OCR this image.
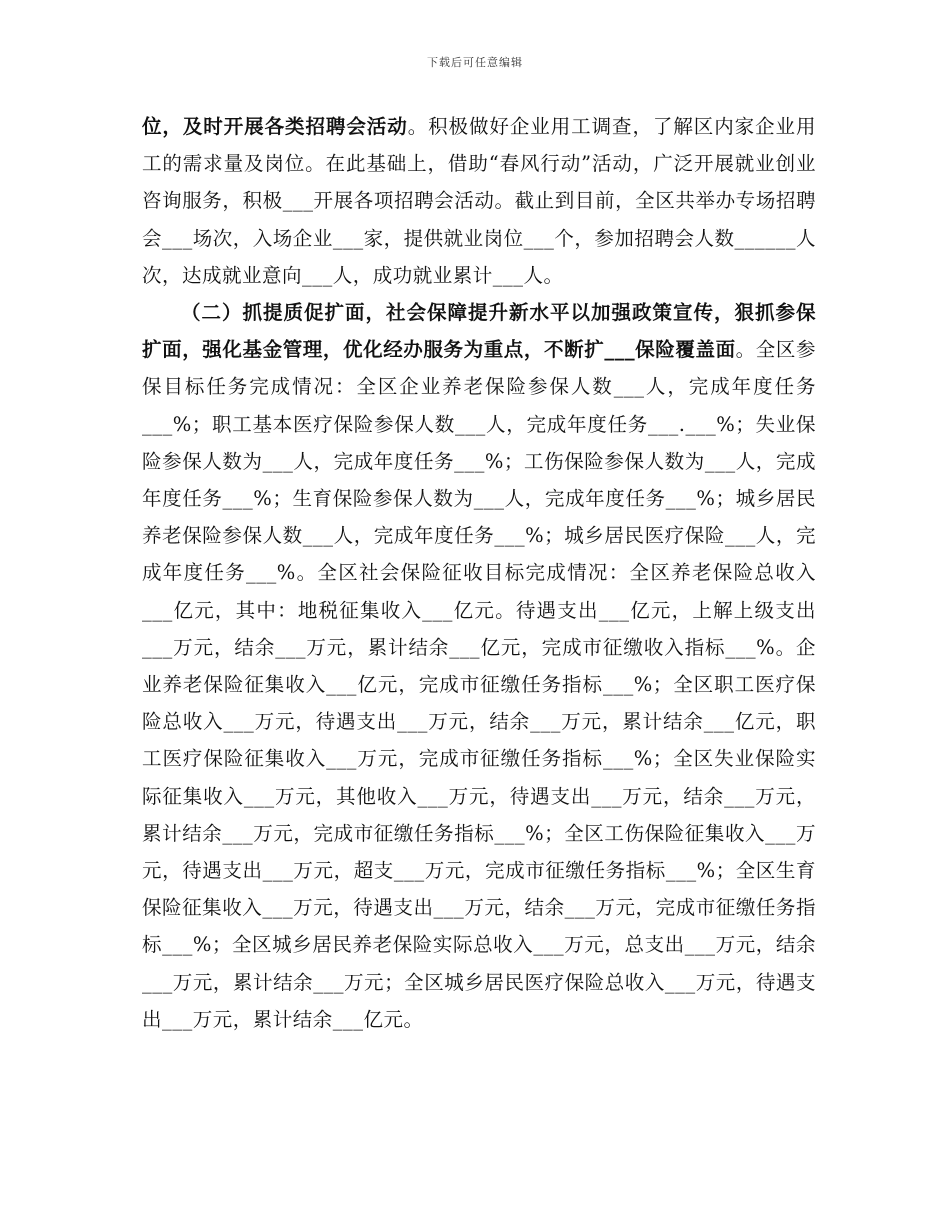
下载后可任意编辑

位，及时开展各类招聘会活动。积极做好企业用工调查，了解区内家企业用工的需求量及岗位。在此基础上，借助“春风行动”活动，广泛开展就业创业咨询服务，积极___开展各项招聘会活动。截止到目前，全区共举办专场招聘会___场次，入场企业___家，提供就业岗位___个，参加招聘会人数______人次，达成就业意向___人，成功就业累计___人。

（二）抓提质促扩面，社会保障提升新水平以加强政策宣传，狠抓参保扩面，强化基金管理，优化经办服务为重点，不断扩___保险覆盖面。全区参保目标任务完成情况：全区企业养老保险参保人数___人，完成年度任务___%；职工基本医疗保险参保人数___人，完成年度任务___.___%；失业保险参保人数为___人，完成年度任务___%；工伤保险参保人数为___人，完成年度任务___%；生育保险参保人数为___人，完成年度任务___%；城乡居民养老保险参保人数___人，完成年度任务___%；城乡居民医疗保险___人，完成年度任务___%。全区社会保险征收目标完成情况：全区养老保险总收入___亿元，其中：地税征集收入___亿元。待遇支出___亿元，上解上级支出___万元，结余___万元，累计结余___亿元，完成市征缴收入指标___%。企业养老保险征集收入___亿元，完成市征缴任务指标___%；全区职工医疗保险总收入___万元，待遇支出___万元，结余___万元，累计结余___亿元，职工医疗保险征集收入___万元，完成市征缴任务指标___%；全区失业保险实际征集收入___万元，其他收入___万元，待遇支出___万元，结余___万元，累计结余___万元，完成市征缴任务指标___%；全区工伤保险征集收入___万元，待遇支出___万元，超支___万元，完成市征缴任务指标___%；全区生育保险征集收入___万元，待遇支出___万元，结余___万元，完成市征缴任务指标___%；全区城乡居民养老保险实际总收入___万元，总支出___万元，结余___万元，累计结余___万元；全区城乡居民医疗保险总收入___万元，待遇支出___万元，累计结余___亿元。
